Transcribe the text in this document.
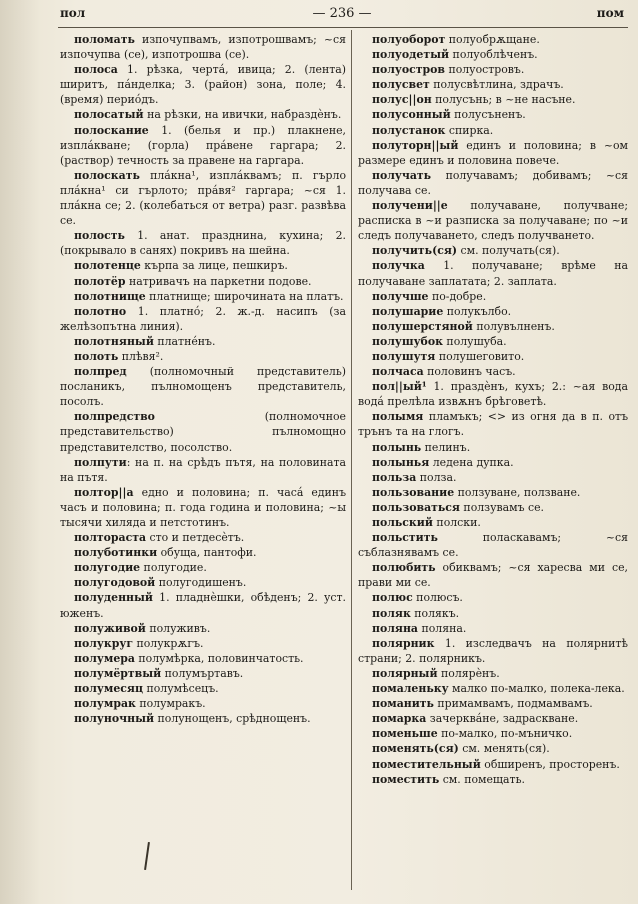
пол	— 236 —	пом

поломать изпочупвамъ, изпотрошвамъ; ~ся изпочупва (се), изпотрошва (се).

полоса 1. рѣзка, чертá, ивица; 2. (лента) шиpитъ, пáнделка; 3. (район) зона, полe; 4. (время) периóдъ.

полосатый на рѣзки, на ивички, набраздѐнъ.

полоскание 1. (белья и пр.) плакнене, изплáкване; (горла) прáвене гаргара; 2. (раствор) течность за правене на гаргара.

полоскать плáкна¹, изплáквамъ; п. гърло плáкна¹ си гърлото; прáвя² гаргара; ~ся 1. плáкна се; 2. (колебаться от ветра) разг. развѣва се.

полость 1. анат. празднина, кухина; 2. (покрывало в санях) покривъ на шейна.

полотенце кърпа за лице, пешкиръ.

полотёр натривачъ на паркетни подове.

полотнище платнище; широчината на платъ.

полотно 1. платнó; 2. ж.-д. насипъ (за желѣзопътна линия).

полотняный платнéнъ.

полоть плѣвя².

полпред (полномочный представитель) посланикъ, пълномощенъ представитель, посолъ.

полпредство (полномочное представительство) пълномощно представителство, посолство.

полпути: на п. на срѣдъ пътя, на половината на пътя.

полтор||а едно и половина; п. часá единъ часъ и половина; п. года година и половина; ~ы тысячи хилядa и петстотинъ.

полтораста сто и петдесѐтъ.

полуботинки обуща, пантофи.

полугодие полугодие.

полугодовой полугодишенъ.

полуденный 1. пладнѐшки, обѣденъ; 2. уст. юженъ.

полуживой полуживъ.

полукруг полукрѫгъ.

полумера полумѣрка, половинчатость.

полумёртвый полумъртавъ.

полумесяц полумѣсецъ.

полумрак полумракъ.

полуночный полунощенъ, срѣднощенъ.

полуоборот полуобрѫщане.

полуодетый полуоблѣченъ.

полуостров полуостровъ.

полусвет полусвѣтлина, здрачъ.

полус||он полусънь; в ~не насъне.

полусонный полусъненъ.

полустанок спирка.

полуторн||ый единъ и половина; в ~ом размере единъ и половина повече.

получать получавамъ; добивамъ; ~ся получава се.

получени||е получаване, получване; расписка в ~и разписка за получаване; по ~и следъ получаването, следъ получването.

получить(ся) см. получать(ся).

получка 1. получаване; врѣме на получаване заплатата; 2. заплата.

получше по-добре.

полушарие полукълбо.

полушерстяной полувълненъ.

полушубок полушуба.

полушутя полушеговито.

полчаса половинъ часъ.

пол||ый¹ 1. праздѐнъ, кухъ; 2.: ~ая вода водá прелѣла извѫнъ брѣговетѣ.

полымя пламъкъ; <> из огня да в п. отъ трънъ та на глогъ.

полынь пелинъ.

полынья ледена дупка.

польза полза.

пользование ползуване, ползване.

пользоваться ползувамъ се.

польский полски.

польстить поласкавамъ; ~ся съблазнявамъ се.

полюбить обиквамъ; ~ся харесва ми се, прави ми се.

полюс полюсъ.

поляк полякъ.

поляна поляна.

полярник 1. изследвачъ на полярнитѣ страни; 2. полярникъ.

полярный полярѐнъ.

помаленьку малко по-малко, полека-лека.

поманить примамвамъ, подмамвамъ.

помарка зачерквáне, задраскване.

поменьше по-малко, по-мъничко.

поменять(ся) см. менять(ся).

поместительный обширенъ, просторенъ.

поместить см. помещать.
